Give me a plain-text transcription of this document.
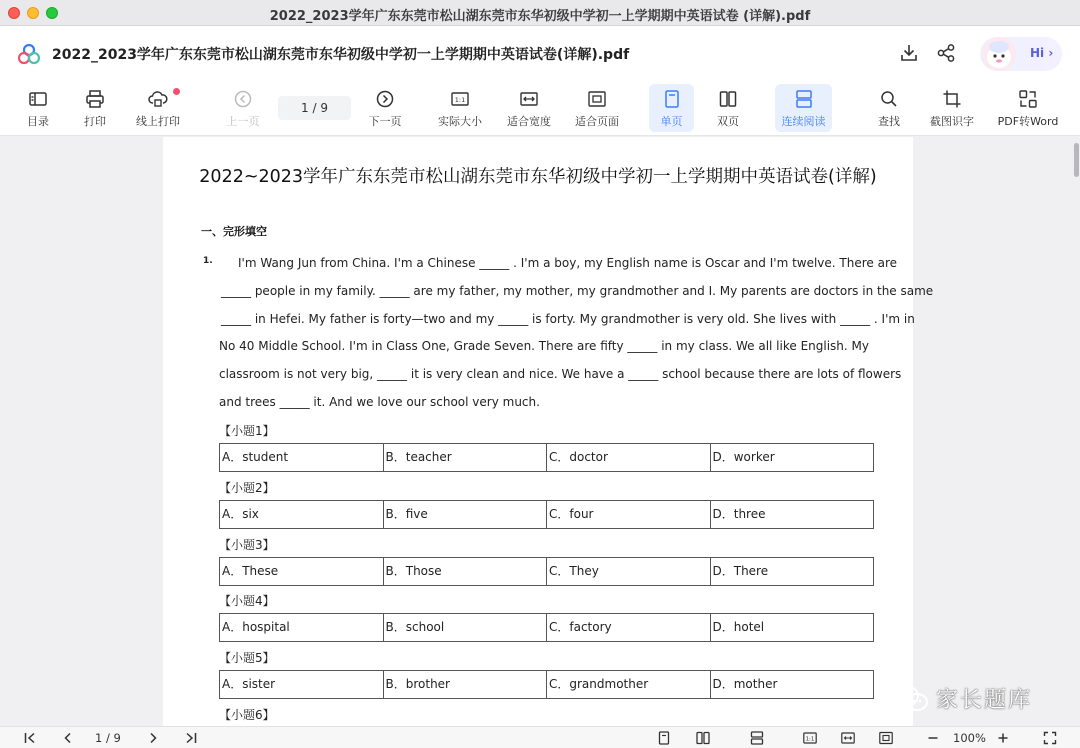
2022_2023学年广东东莞市松山湖东莞市东华初级中学初一上学期期中英语试卷 (详解).pdf
2022_2023学年广东东莞市松山湖东莞市东华初级中学初一上学期期中英语试卷(详解).pdf	Hi ›
目录	打印	线上打印	上一页	下一页
1:1
实际大小 适合宽度 适合页面	单页	双页	连续阅读	查找	截图识字 PDF转Word
1 / 9
2022~2023学年广东东莞市松山湖东莞市东华初级中学初一上学期期中英语试卷(详解)
一、完形填空
1. I'm Wang Jun from China. I'm a Chinese _____ . I'm a boy, my English name is Oscar and I'm twelve. There are
_____ people in my family. _____ are my father, my mother, my grandmother and I. My parents are doctors in the same
_____ in Hefei. My father is forty—two and my _____ is forty. My grandmother is very old. She lives with _____ . I'm in
No 40 Middle School. I'm in Class One, Grade Seven. There are fifty _____ in my class. We all like English. My
classroom is not very big, _____ it is very clean and nice. We have a _____ school because there are lots of flowers
and trees _____ it. And we love our school very much.
【小题1】
A．student	B．teacher	C．doctor	D．worker
【小题2】
A．six	B．five	C．four	D．three
【小题3】
A．These	B．Those	C．They	D．There
【小题4】
A．hospital	B．school	C．factory	D．hotel
【小题5】
A．sister	B．brother	C．grandmother	D．mother
【小题6】
家长题库
1 / 9	1:1	100%
